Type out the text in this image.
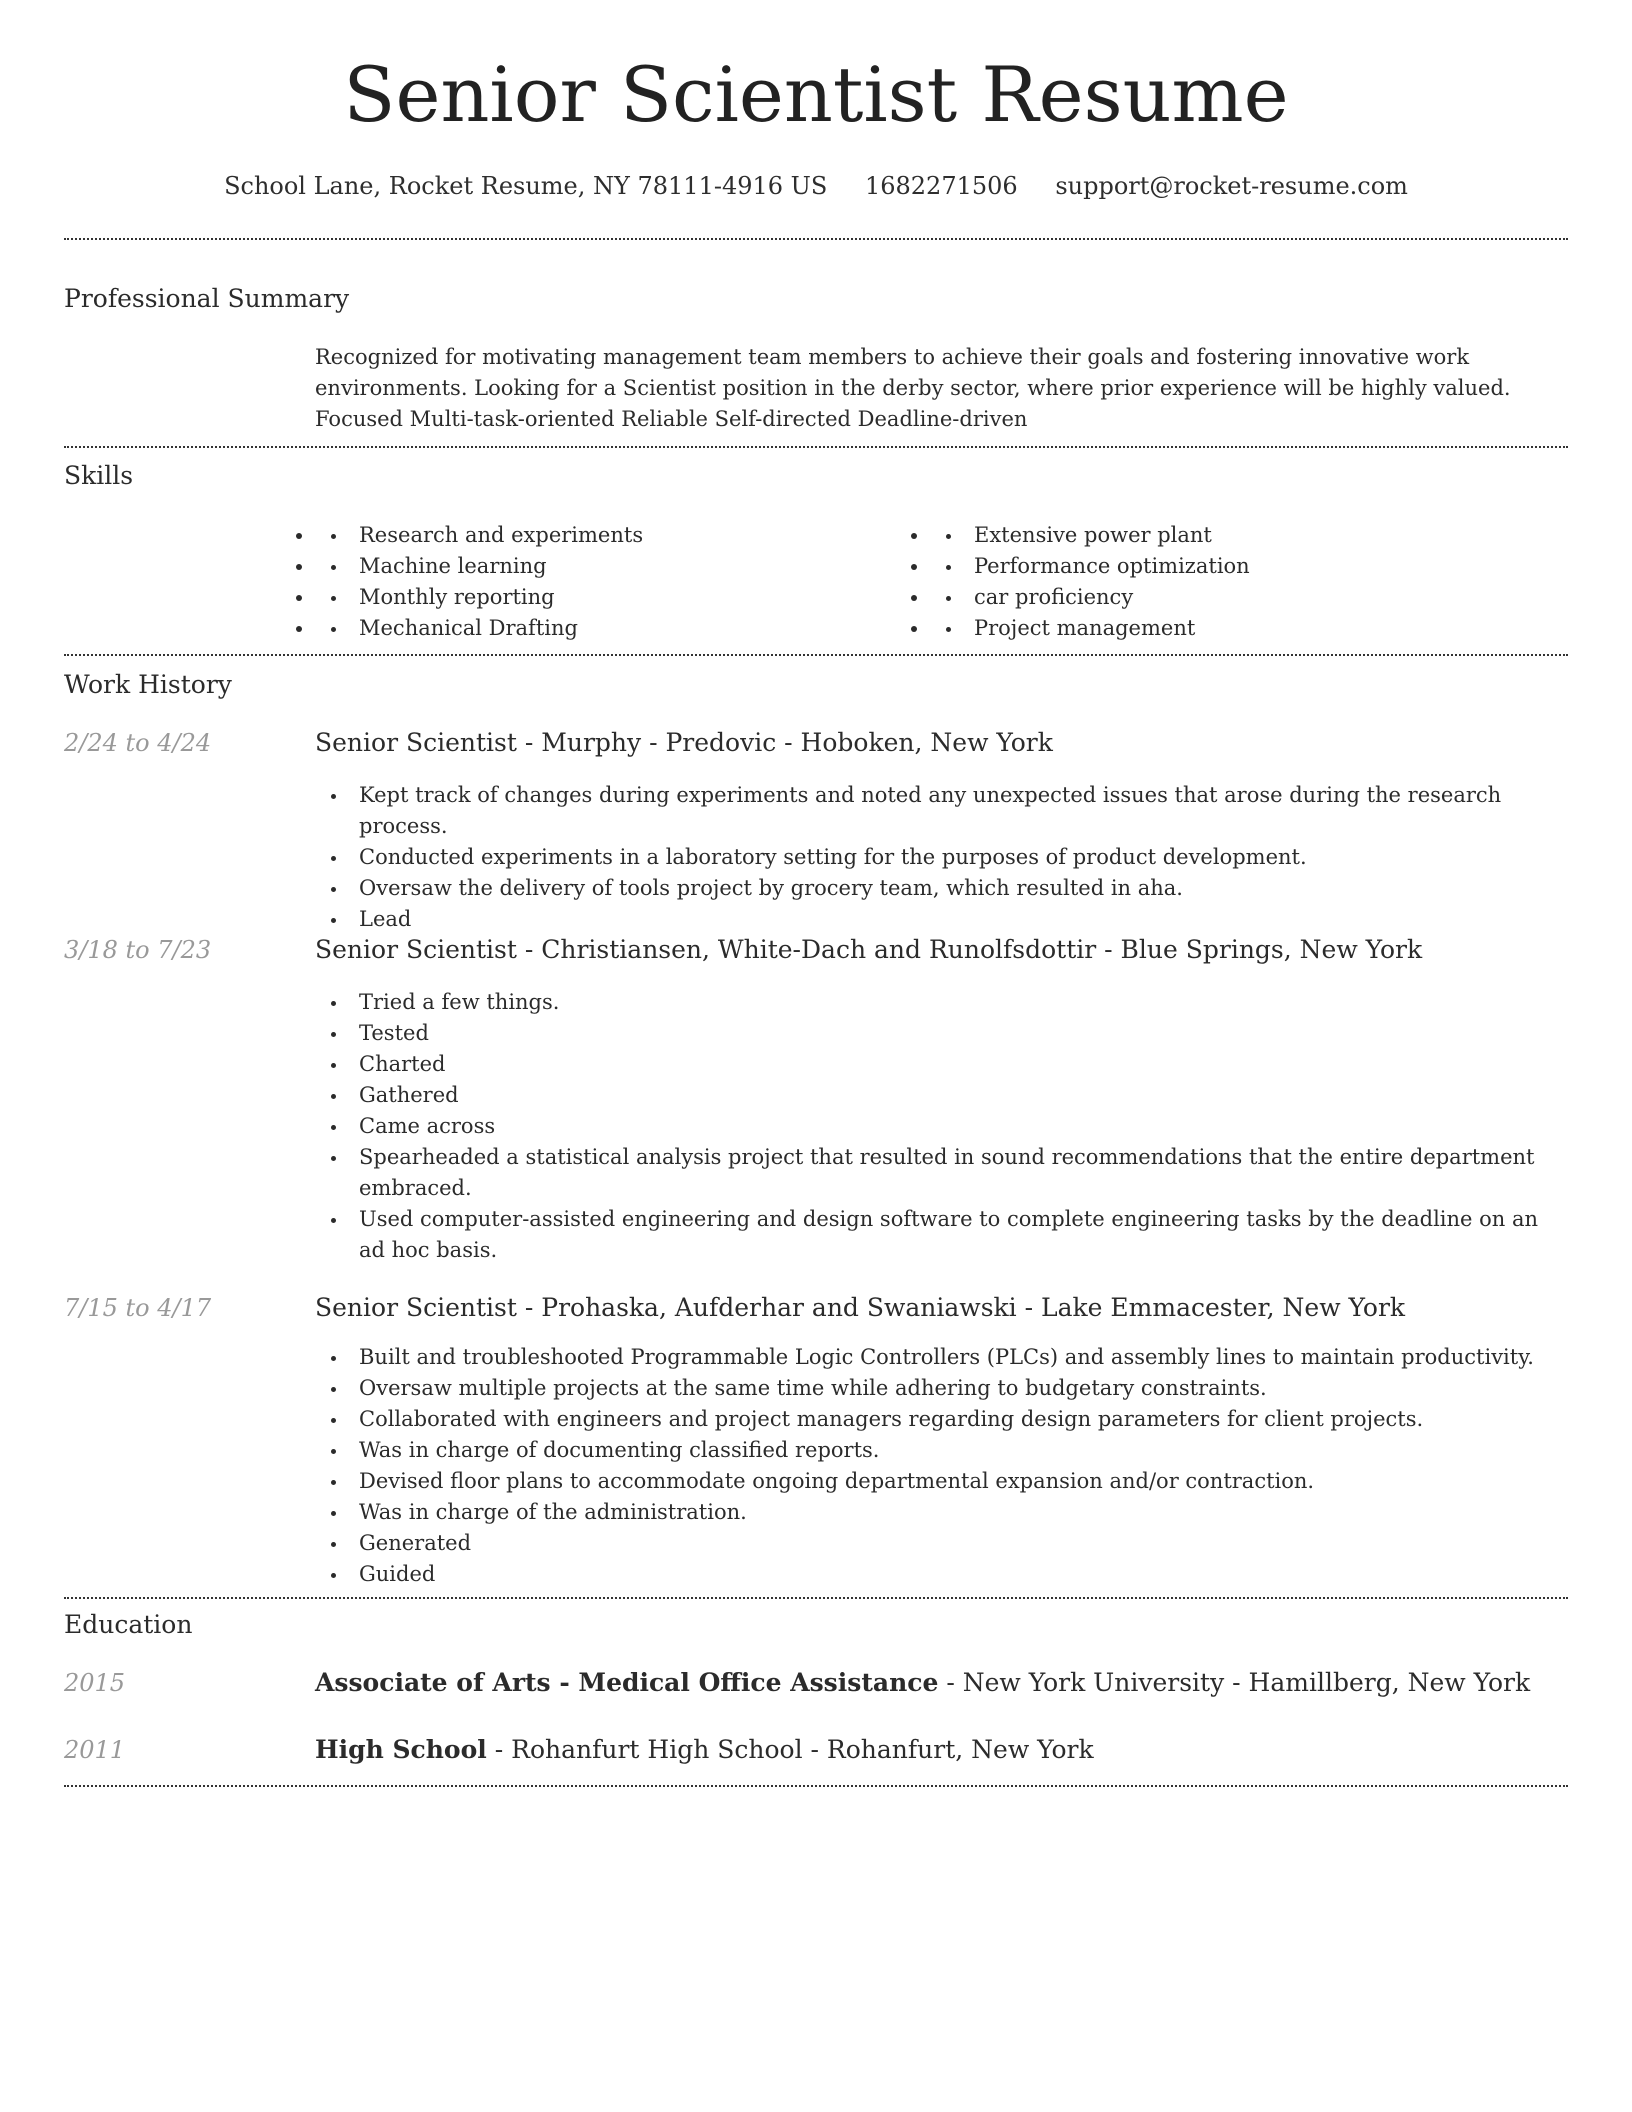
Senior Scientist Resume
School Lane, Rocket Resume, NY 78111-4916 US 1682271506 support@rocket-resume.com
Professional Summary

Recognized for motivating management team members to achieve their goals and fostering innovative work environments. Looking for a Scientist position in the derby sector, where prior experience will be highly valued. Focused Multi-task-oriented Reliable Self-directed Deadline-driven

Skills
• Research and experiments
• Machine learning
• Monthly reporting
• Mechanical Drafting
• Extensive power plant
• Performance optimization
• car proficiency
• Project management
Work History
2/24 to 4/24	Senior Scientist - Murphy - Predovic - Hoboken, New York
Kept track of changes during experiments and noted any unexpected issues that arose during the research process.
Conducted experiments in a laboratory setting for the purposes of product development.
Oversaw the delivery of tools project by grocery team, which resulted in aha.
Lead
3/18 to 7/23	Senior Scientist - Christiansen, White-Dach and Runolfsdottir - Blue Springs, New York
Tried a few things.
Tested
Charted
Gathered
Came across
Spearheaded a statistical analysis project that resulted in sound recommendations that the entire department embraced.
Used computer-assisted engineering and design software to complete engineering tasks by the deadline on an ad hoc basis.
7/15 to 4/17	Senior Scientist - Prohaska, Aufderhar and Swaniawski - Lake Emmacester, New York
Built and troubleshooted Programmable Logic Controllers (PLCs) and assembly lines to maintain productivity.
Oversaw multiple projects at the same time while adhering to budgetary constraints.
Collaborated with engineers and project managers regarding design parameters for client projects.
Was in charge of documenting classified reports.
Devised floor plans to accommodate ongoing departmental expansion and/or contraction.
Was in charge of the administration.
Generated
Guided
Education
2015	Associate of Arts - Medical Office Assistance - New York University - Hamillberg, New York
2011	High School - Rohanfurt High School - Rohanfurt, New York
